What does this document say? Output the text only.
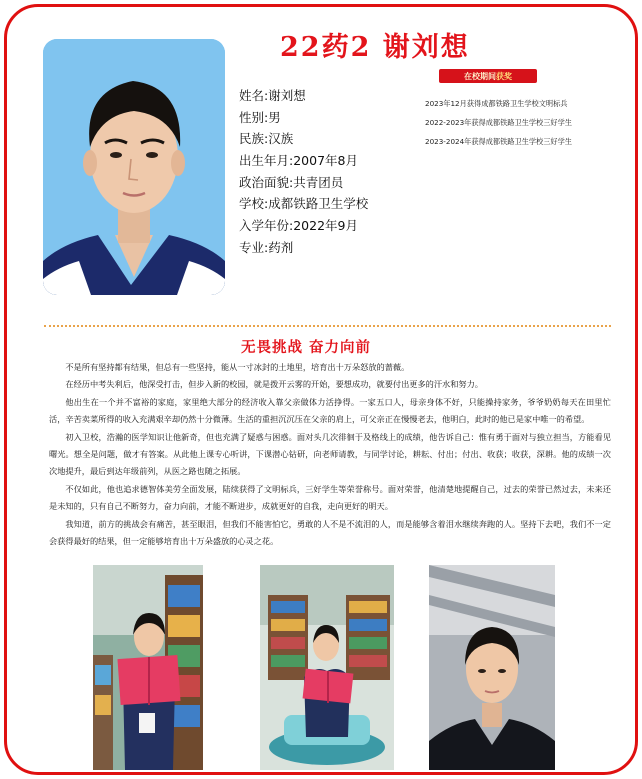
22药2 谢刘想
姓名:谢刘想
性别:男
民族:汉族
出生年月:2007年8月
政治面貌:共青团员
学校:成都铁路卫生学校
入学年份:2022年9月
专业:药剂
在校期间获奖
2023年12月获得成都铁路卫生学校文明标兵
2022-2023年获得成都铁路卫生学校三好学生
2023-2024年获得成都铁路卫生学校三好学生
无畏挑战 奋力向前

不是所有坚持都有结果，但总有一些坚持，能从一寸冰封的土地里，培育出十万朵怒放的蔷薇。

在经历中考失利后，他深受打击，但步入新的校园，就是拨开云雾的开始，要想成功，就要付出更多的汗水和努力。

他出生在一个并不富裕的家庭，家里绝大部分的经济收入靠父亲做体力活挣得。一家五口人，母亲身体不好，只能操持家务，爷爷奶奶每天在田里忙活，辛苦卖菜所得的收入充满艰辛却仍然十分微薄。生活的重担沉沉压在父亲的肩上，可父亲正在慢慢老去，他明白，此时的他已是家中唯一的希望。

初入卫校，浩瀚的医学知识让他新奇，但也充满了疑惑与困惑。面对头几次徘徊于及格线上的成绩，他告诉自己：惟有勇于面对与独立担当，方能看见曙光。想全是问题，做才有答案。从此他上课专心听讲，下课潜心钻研，向老师请教，与同学讨论，耕耘、付出；付出、收获；收获，深耕。他的成绩一次次地提升，最后到达年级前列，从医之路也随之拓展。

不仅如此，他也追求德智体美劳全面发展，陆续获得了文明标兵，三好学生等荣誉称号。面对荣誉，他清楚地提醒自己，过去的荣誉已然过去，未来还是未知的，只有自己不断努力，奋力向前，才能不断进步，成就更好的自我，走向更好的明天。

我知道，前方的挑战会有痛苦，甚至眼泪，但我们不能害怕它，勇敢的人不是不流泪的人，而是能够含着泪水继续奔跑的人。坚持下去吧，我们不一定会获得最好的结果，但一定能够培育出十万朵盛放的心灵之花。
